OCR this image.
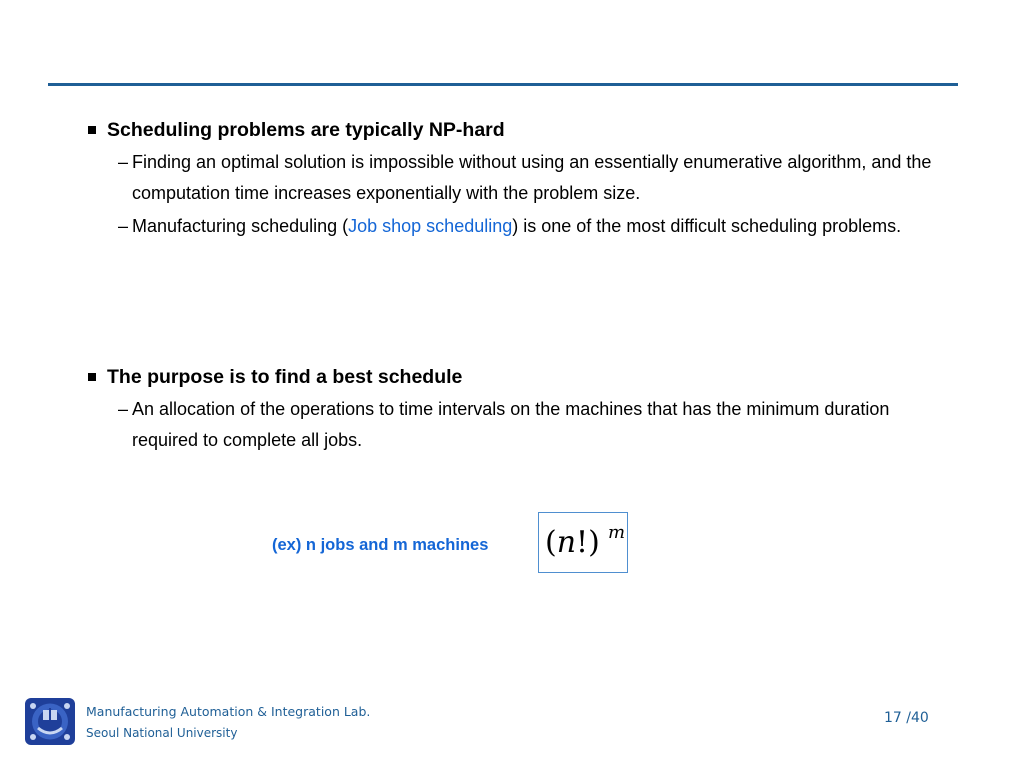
Scheduling problems are typically NP-hard
– Finding an optimal solution is impossible without using an essentially enumerative algorithm, and the computation time increases exponentially with the problem size.
– Manufacturing scheduling (Job shop scheduling) is one of the most difficult scheduling problems.
The purpose is to find a best schedule
– An allocation of the operations to time intervals on the machines that has the minimum duration required to complete all jobs.
(ex) n jobs and m machines (n!) m
Manufacturing Automation & Integration Lab.
Seoul National University
17 /40
